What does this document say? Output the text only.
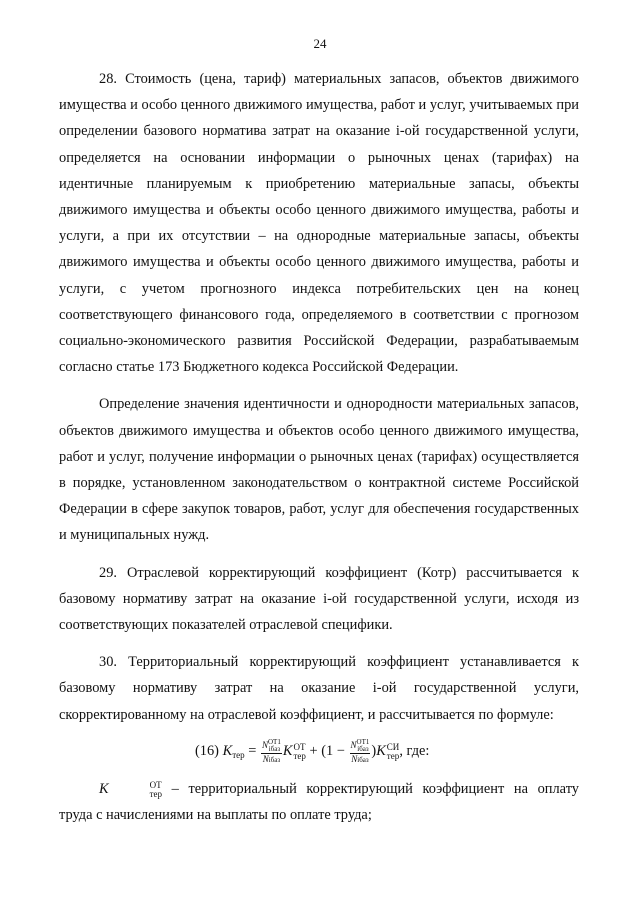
24

28. Стоимость (цена, тариф) материальных запасов, объектов движимого имущества и особо ценного движимого имущества, работ и услуг, учитываемых при определении базового норматива затрат на оказание i-ой государственной услуги, определяется на основании информации о рыночных ценах (тарифах) на идентичные планируемым к приобретению материальные запасы, объекты движимого имущества и объекты особо ценного движимого имущества, работы и услуги, а при их отсутствии – на однородные материальные запасы, объекты движимого имущества и объекты особо ценного движимого имущества, работы и услуги, с учетом прогнозного индекса потребительских цен на конец соответствующего финансового года, определяемого в соответствии с прогнозом социально-экономического развития Российской Федерации, разрабатываемым согласно статье 173 Бюджетного кодекса Российской Федерации.

Определение значения идентичности и однородности материальных запасов, объектов движимого имущества и объектов особо ценного движимого имущества, работ и услуг, получение информации о рыночных ценах (тарифах) осуществляется в порядке, установленном законодательством о контрактной системе Российской Федерации в сфере закупок товаров, работ, услуг для обеспечения государственных и муниципальных нужд.

29. Отраслевой корректирующий коэффициент (Котр) рассчитывается к базовому нормативу затрат на оказание i-ой государственной услуги, исходя из соответствующих показателей отраслевой специфики.

30. Территориальный корректирующий коэффициент устанавливается к базовому нормативу затрат на оказание i-ой государственной услуги, скорректированному на отраслевой коэффициент, и рассчитывается по формуле:

(16) $K_{тер} = N$ ОТ1
iбаз
Niбаз K ОТ
тер + (1 − N ОТ1
iбаз
Niбаз )K СИ
тер , где:

K	ОТ
тер – территориальный корректирующий коэффициент на оплату труда с начислениями на выплаты по оплате труда;
